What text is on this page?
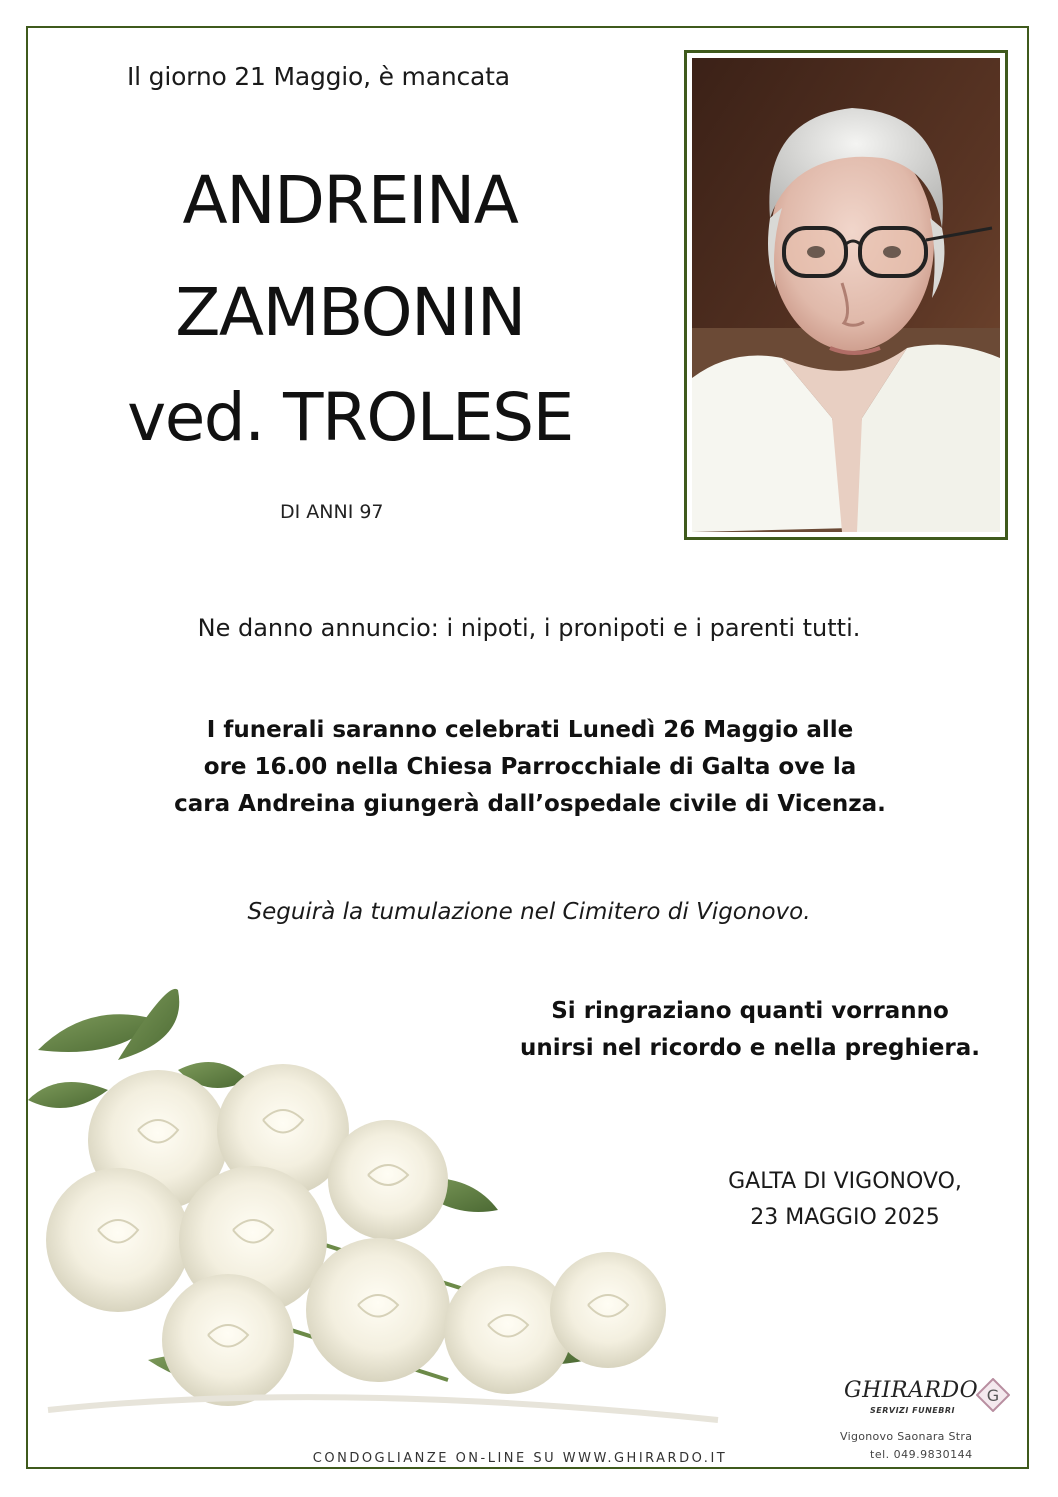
Il giorno 21 Maggio, è mancata
ANDREINA
ZAMBONIN
ved. TROLESE
DI ANNI 97
Ne danno annuncio: i nipoti, i pronipoti e i parenti tutti.
I funerali saranno celebrati Lunedì 26 Maggio alle
ore 16.00 nella Chiesa Parrocchiale di Galta ove la
cara Andreina giungerà dall’ospedale civile di Vicenza.
Seguirà la tumulazione nel Cimitero di Vigonovo.
Si ringraziano quanti vorranno
unirsi nel ricordo e nella preghiera.
GALTA DI VIGONOVO,
23 MAGGIO 2025
GHIRARDO
SERVIZI FUNEBRI
G
Vigonovo Saonara Stra
tel. 049.9830144
CONDOGLIANZE ON-LINE SU WWW.GHIRARDO.IT
